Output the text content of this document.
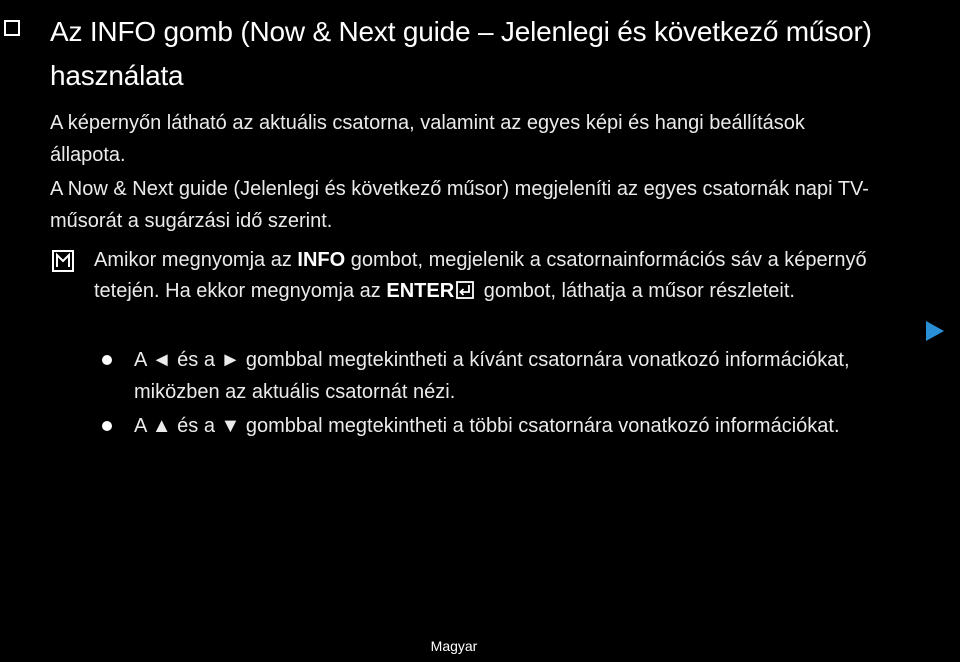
Az INFO gomb (Now & Next guide – Jelenlegi és következő műsor) használata

A képernyőn látható az aktuális csatorna, valamint az egyes képi és hangi beállítások állapota.

A Now & Next guide (Jelenlegi és következő műsor) megjeleníti az egyes csatornák napi TV-műsorát a sugárzási idő szerint.

Amikor megnyomja az INFO gombot, megjelenik a csatornainformációs sáv a képernyő tetején. Ha ekkor megnyomja az ENTER gombot, láthatja a műsor részleteit.

A ◄ és a ► gombbal megtekintheti a kívánt csatornára vonatkozó információkat, miközben az aktuális csatornát nézi.

A ▲ és a ▼ gombbal megtekintheti a többi csatornára vonatkozó információkat.

Magyar
